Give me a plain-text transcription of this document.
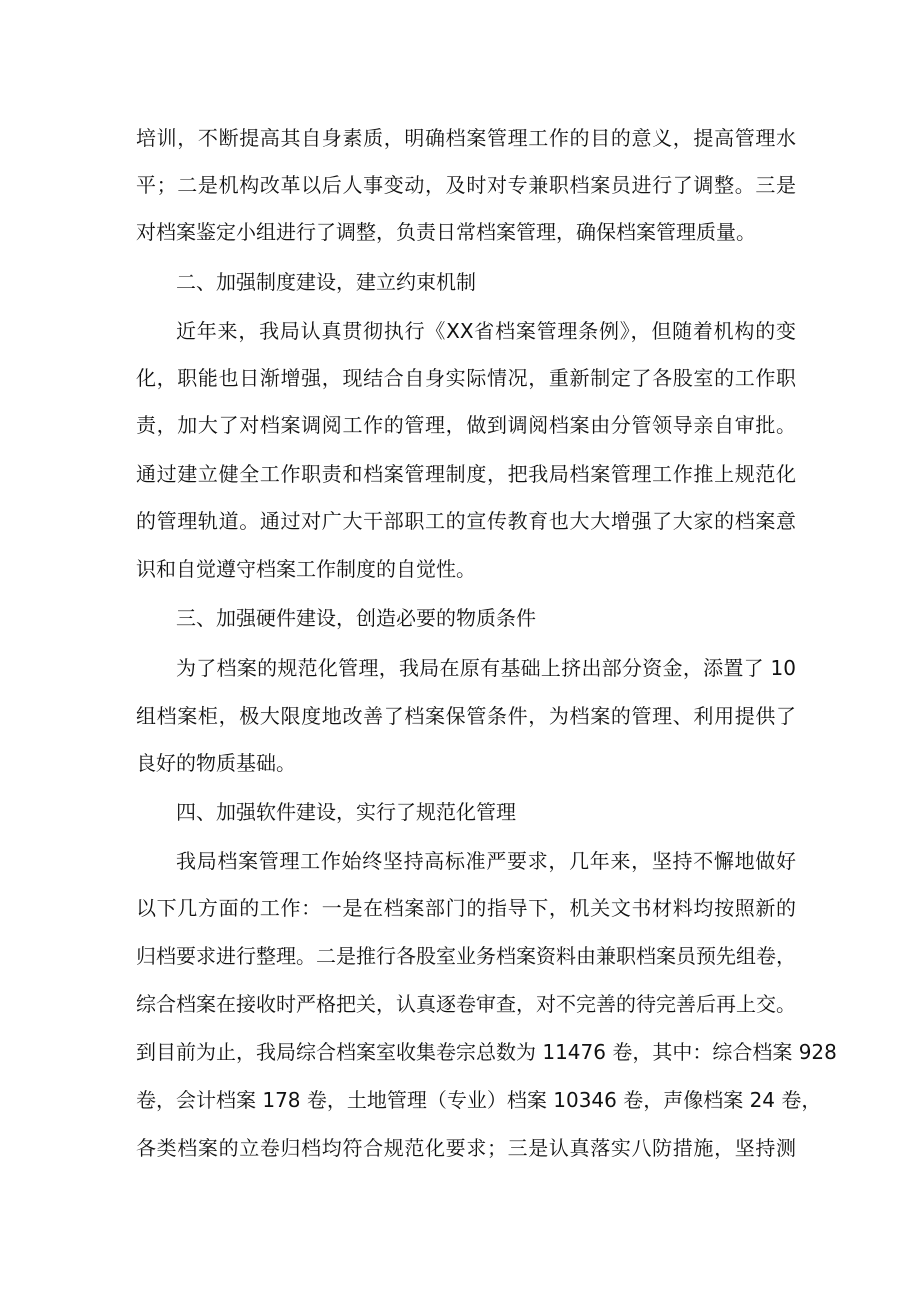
培训，不断提高其自身素质，明确档案管理工作的目的意义，提高管理水
平；二是机构改革以后人事变动，及时对专兼职档案员进行了调整。三是
对档案鉴定小组进行了调整，负责日常档案管理，确保档案管理质量。
二、加强制度建设，建立约束机制
近年来，我局认真贯彻执行《XX省档案管理条例》，但随着机构的变
化，职能也日渐增强，现结合自身实际情况，重新制定了各股室的工作职
责，加大了对档案调阅工作的管理，做到调阅档案由分管领导亲自审批。
通过建立健全工作职责和档案管理制度，把我局档案管理工作推上规范化
的管理轨道。通过对广大干部职工的宣传教育也大大增强了大家的档案意
识和自觉遵守档案工作制度的自觉性。
三、加强硬件建设，创造必要的物质条件
为了档案的规范化管理，我局在原有基础上挤出部分资金，添置了 10
组档案柜，极大限度地改善了档案保管条件，为档案的管理、利用提供了
良好的物质基础。
四、加强软件建设，实行了规范化管理
我局档案管理工作始终坚持高标准严要求，几年来，坚持不懈地做好
以下几方面的工作：一是在档案部门的指导下，机关文书材料均按照新的
归档要求进行整理。二是推行各股室业务档案资料由兼职档案员预先组卷，
综合档案在接收时严格把关，认真逐卷审查，对不完善的待完善后再上交。
到目前为止，我局综合档案室收集卷宗总数为 11476 卷，其中：综合档案 928
卷，会计档案 178 卷，土地管理（专业）档案 10346 卷，声像档案 24 卷，
各类档案的立卷归档均符合规范化要求；三是认真落实八防措施，坚持测
